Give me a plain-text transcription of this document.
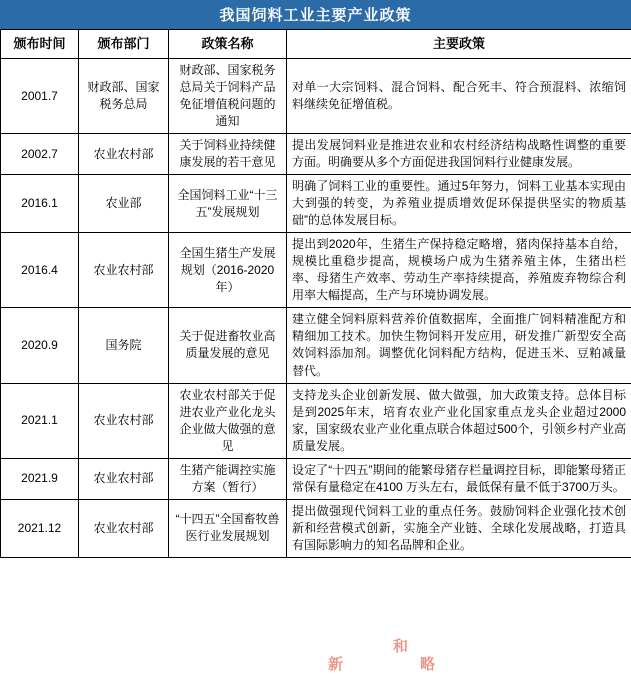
我国饲料工业主要产业政策
颁布时间	颁布部门	政策名称	主要政策
2001.7	财政部、国家税务总局	财政部、国家税务总局关于饲料产品免征增值税问题的通知	对单一大宗饲料、混合饲料、配合死丰、符合预混料、浓缩饲料继续免征增值税。
2002.7	农业农村部	关于饲料业持续健康发展的若干意见	提出发展饲料业是推进农业和农村经济结构战略性调整的重要方面。明确要从多个方面促进我国饲料行业健康发展。
2016.1	农业部	全国饲料工业“十三五”发展规划	明确了饲料工业的重要性。通过5年努力，饲料工业基本实现由大到强的转变，为养殖业提质增效促环保提供坚实的物质基础”的总体发展目标。
2016.4	农业农村部	全国生猪生产发展规划（2016-2020年）	提出到2020年，生猪生产保持稳定略增，猪肉保持基本自给，规模比重稳步提高，规模场户成为生猪养殖主体，生猪出栏率、母猪生产效率、劳动生产率持续提高，养殖废弃物综合利用率大幅提高，生产与环境协调发展。
2020.9	国务院	关于促进畜牧业高质量发展的意见	建立健全饲料原料营养价值数据库，全面推广饲料精准配方和精细加工技术。加快生物饲料开发应用，研发推广新型安全高效饲料添加剂。调整优化饲料配方结构，促进玉米、豆粕减量替代。
2021.1	农业农村部	农业农村部关于促进农业产业化龙头企业做大做强的意见	支持龙头企业创新发展、做大做强，加大政策支持。总体目标是到2025年末，培育农业产业化国家重点龙头企业超过2000家，国家级农业产业化重点联合体超过500个，引领乡村产业高质量发展。
2021.9	农业农村部	生猪产能调控实施方案（暂行）	设定了“十四五”期间的能繁母猪存栏量调控目标，即能繁母猪正常保有量稳定在4100 万头左右，最低保有量不低于3700万头。
2021.12	农业农村部	“十四五”全国畜牧兽医行业发展规划	提出做强现代饲料工业的重点任务。鼓励饲料企业强化技术创新和经营模式创新，实施全产业链、全球化发展战略，打造具有国际影响力的知名品牌和企业。
和
新	略
